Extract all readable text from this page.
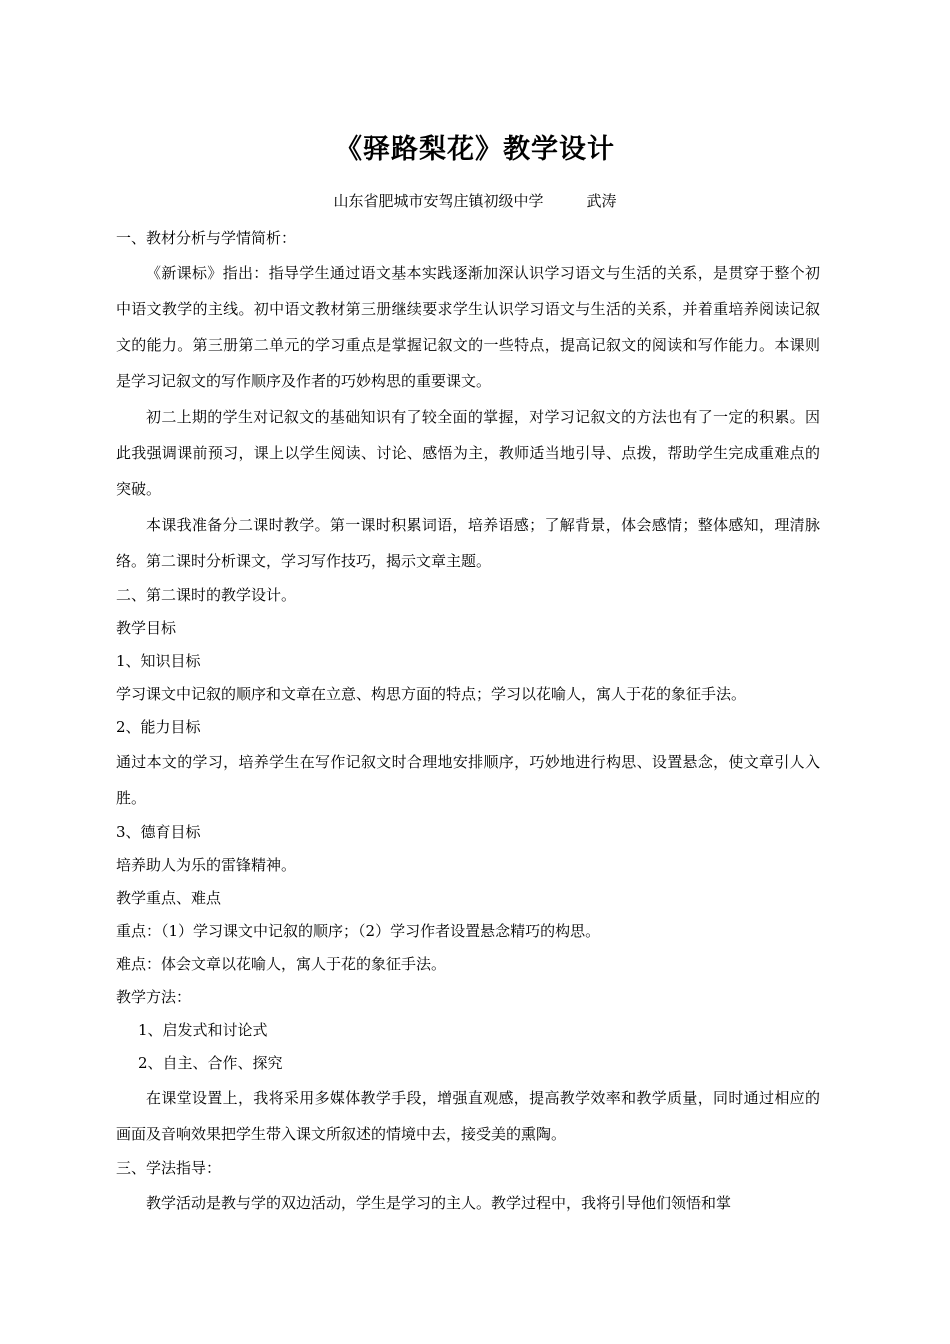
《驿路梨花》教学设计
山东省肥城市安驾庄镇初级中学         武涛
一、教材分析与学情简析：
《新课标》指出：指导学生通过语文基本实践逐渐加深认识学习语文与生活的关系，是贯穿于整个初中语文教学的主线。初中语文教材第三册继续要求学生认识学习语文与生活的关系，并着重培养阅读记叙文的能力。第三册第二单元的学习重点是掌握记叙文的一些特点，提高记叙文的阅读和写作能力。本课则是学习记叙文的写作顺序及作者的巧妙构思的重要课文。
初二上期的学生对记叙文的基础知识有了较全面的掌握，对学习记叙文的方法也有了一定的积累。因此我强调课前预习，课上以学生阅读、讨论、感悟为主，教师适当地引导、点拨，帮助学生完成重难点的突破。
本课我准备分二课时教学。第一课时积累词语，培养语感；了解背景，体会感情；整体感知，理清脉络。第二课时分析课文，学习写作技巧，揭示文章主题。
二、第二课时的教学设计。
教学目标
1、知识目标
学习课文中记叙的顺序和文章在立意、构思方面的特点；学习以花喻人，寓人于花的象征手法。
2、能力目标
通过本文的学习，培养学生在写作记叙文时合理地安排顺序，巧妙地进行构思、设置悬念，使文章引人入胜。
3、德育目标
培养助人为乐的雷锋精神。
教学重点、难点
重点：（1）学习课文中记叙的顺序；（2）学习作者设置悬念精巧的构思。
难点：体会文章以花喻人，寓人于花的象征手法。
教学方法：
1、启发式和讨论式
2、自主、合作、探究
在课堂设置上，我将采用多媒体教学手段，增强直观感，提高教学效率和教学质量，同时通过相应的画面及音响效果把学生带入课文所叙述的情境中去，接受美的熏陶。
三、学法指导：
教学活动是教与学的双边活动，学生是学习的主人。教学过程中，我将引导他们领悟和掌
